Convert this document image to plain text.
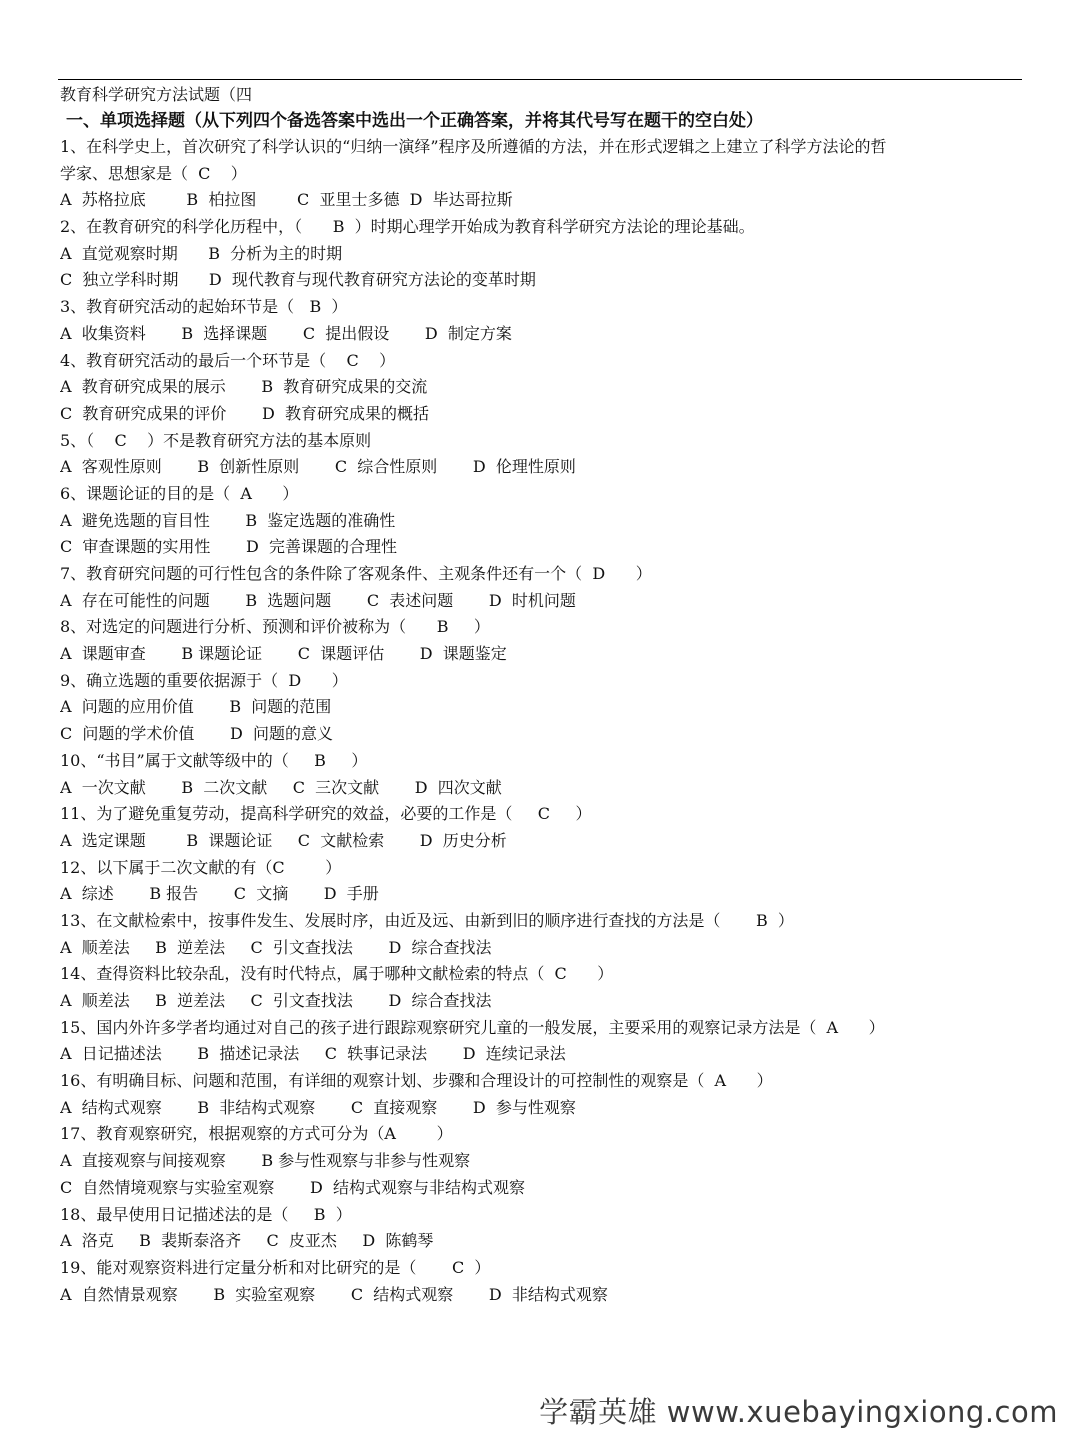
教育科学研究方法试题（四
一、单项选择题（从下列四个备选答案中选出一个正确答案，并将其代号写在题干的空白处）
1、在科学史上，首次研究了科学认识的“归纳一演绎”程序及所遵循的方法，并在形式逻辑之上建立了科学方法论的哲
学家、思想家是（  C    ）
A  苏格拉底        B  柏拉图        C  亚里士多德  D  毕达哥拉斯
2、在教育研究的科学化历程中，（      B  ）时期心理学开始成为教育科学研究方法论的理论基础。
A  直觉观察时期      B  分析为主的时期
C  独立学科时期      D  现代教育与现代教育研究方法论的变革时期
3、教育研究活动的起始环节是（   B  ）
A  收集资料       B  选择课题       C  提出假设       D  制定方案
4、教育研究活动的最后一个环节是（    C    ）
A  教育研究成果的展示       B  教育研究成果的交流
C  教育研究成果的评价       D  教育研究成果的概括
5、（    C    ）不是教育研究方法的基本原则
A  客观性原则       B  创新性原则       C  综合性原则       D  伦理性原则
6、课题论证的目的是（  A      ）
A  避免选题的盲目性       B  鉴定选题的准确性
C  审查课题的实用性       D  完善课题的合理性
7、教育研究问题的可行性包含的条件除了客观条件、主观条件还有一个（  D      ）
A  存在可能性的问题       B  选题问题       C  表述问题       D  时机问题
8、对选定的问题进行分析、预测和评价被称为（      B     ）
A  课题审查       B 课题论证       C  课题评估       D  课题鉴定
9、确立选题的重要依据源于（  D      ）
A  问题的应用价值       B  问题的范围
C  问题的学术价值       D  问题的意义
10、“书目”属于文献等级中的（     B     ）
A  一次文献       B  二次文献     C  三次文献       D  四次文献
11、为了避免重复劳动，提高科学研究的效益，必要的工作是（     C     ）
A  选定课题        B  课题论证     C  文献检索       D  历史分析
12、以下属于二次文献的有（C        ）
A  综述       B 报告       C  文摘       D  手册
13、在文献检索中，按事件发生、发展时序，由近及远、由新到旧的顺序进行查找的方法是（       B  ）
A  顺差法     B  逆差法     C  引文查找法       D  综合查找法
14、查得资料比较杂乱，没有时代特点，属于哪种文献检索的特点（  C      ）
A  顺差法     B  逆差法     C  引文查找法       D  综合查找法
15、国内外许多学者均通过对自己的孩子进行跟踪观察研究儿童的一般发展，主要采用的观察记录方法是（  A      ）
A  日记描述法       B  描述记录法     C  轶事记录法       D  连续记录法
16、有明确目标、问题和范围，有详细的观察计划、步骤和合理设计的可控制性的观察是（  A      ）
A  结构式观察       B  非结构式观察       C  直接观察       D  参与性观察
17、教育观察研究，根据观察的方式可分为（A        ）
A  直接观察与间接观察       B 参与性观察与非参与性观察
C  自然情境观察与实验室观察       D  结构式观察与非结构式观察
18、最早使用日记描述法的是（     B  ）
A  洛克     B  裴斯泰洛齐     C  皮亚杰     D  陈鹤琴
19、能对观察资料进行定量分析和对比研究的是（       C  ）
A  自然情景观察       B  实验室观察       C  结构式观察       D  非结构式观察
学霸英雄 www.xuebayingxiong.com
